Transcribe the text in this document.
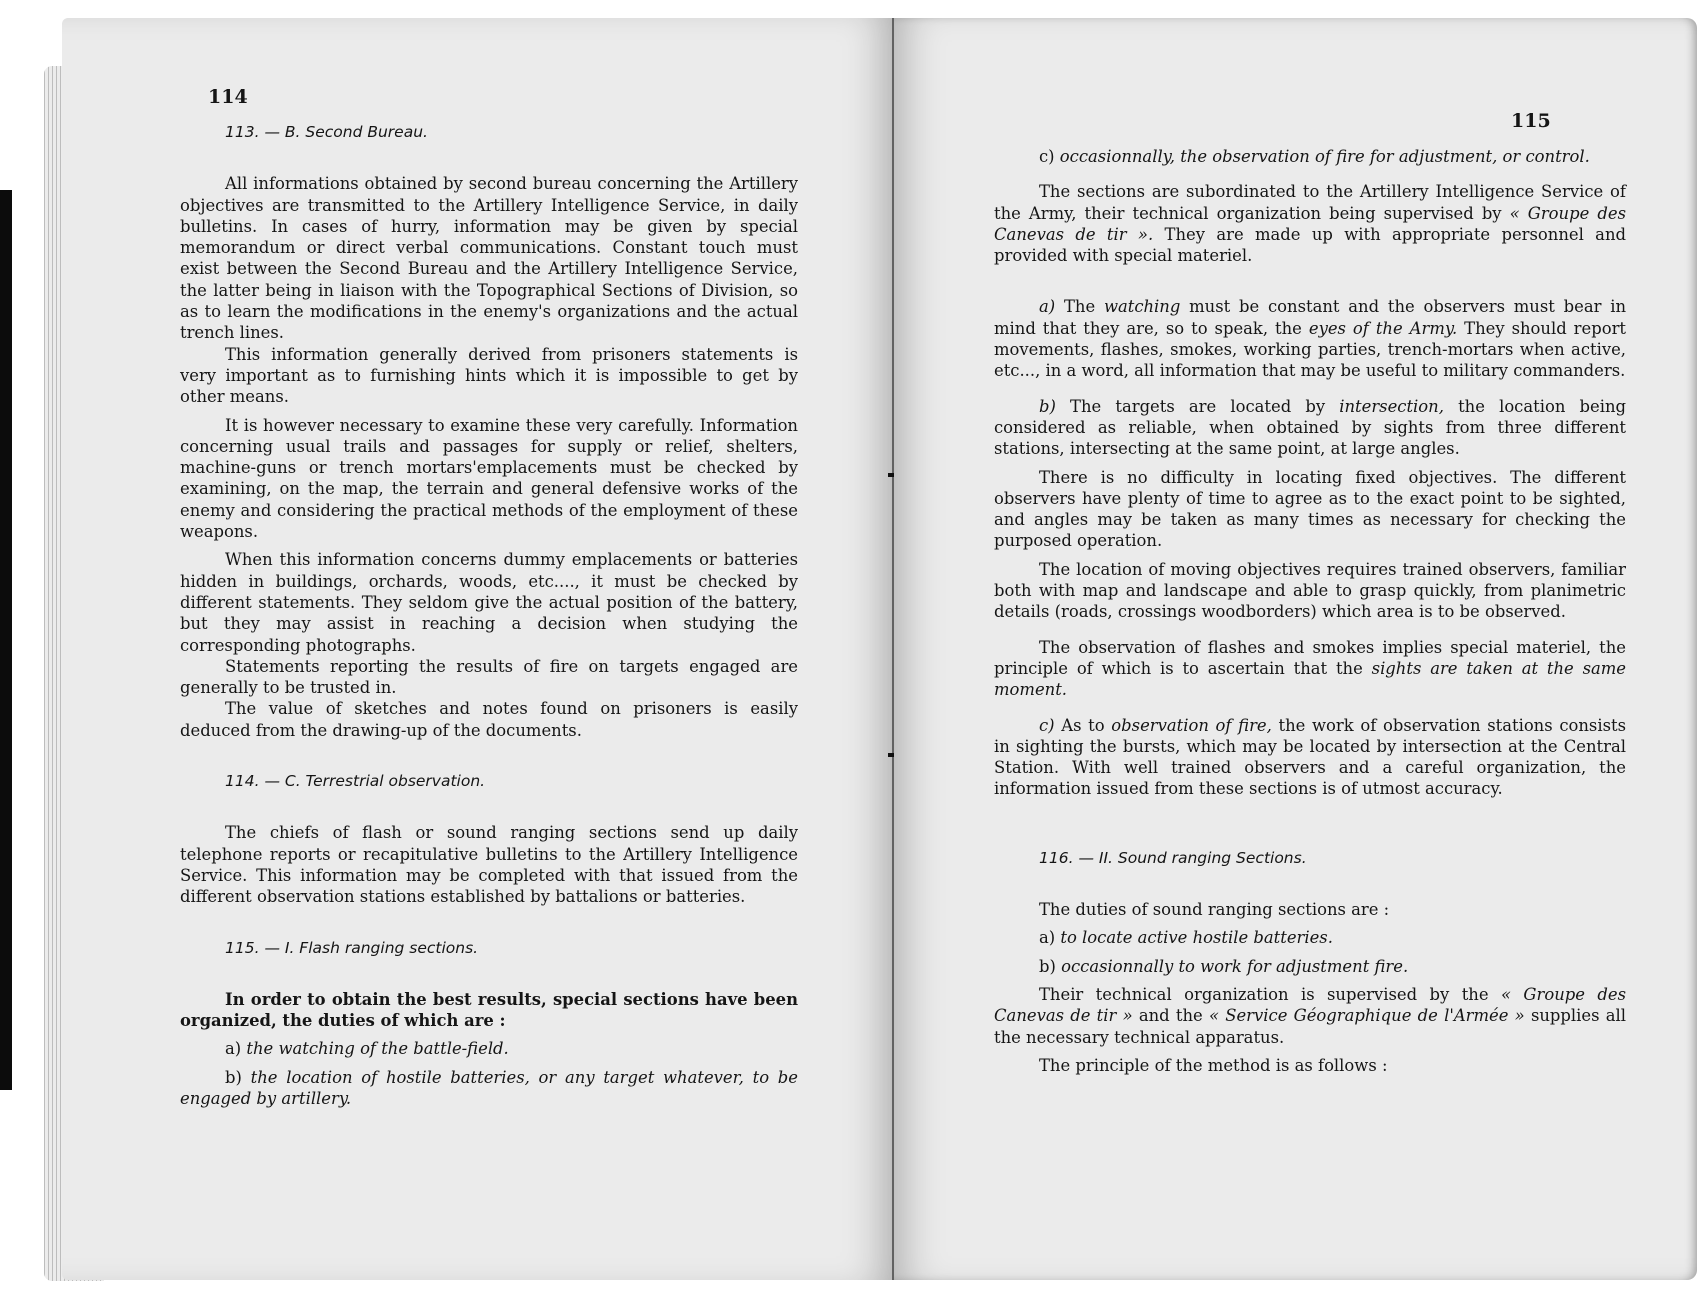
114

113. — B. Second Bureau.

All informations obtained by second bureau concerning the Artillery objectives are transmitted to the Artillery Intelligence Service, in daily bulletins. In cases of hurry, information may be given by special memorandum or direct verbal communications. Constant touch must exist between the Second Bureau and the Artillery Intelligence Service, the latter being in liaison with the Topographical Sections of Division, so as to learn the modifications in the enemy's organizations and the actual trench lines.

This information generally derived from prisoners statements is very important as to furnishing hints which it is impossible to get by other means.

It is however necessary to examine these very carefully. Information concerning usual trails and passages for supply or relief, shelters, machine-guns or trench mortars'emplacements must be checked by examining, on the map, the terrain and general defensive works of the enemy and considering the practical methods of the employment of these weapons.

When this information concerns dummy emplacements or batteries hidden in buildings, orchards, woods, etc...., it must be checked by different statements. They seldom give the actual position of the battery, but they may assist in reaching a decision when studying the corresponding photographs.

Statements reporting the results of fire on targets engaged are generally to be trusted in.

The value of sketches and notes found on prisoners is easily deduced from the drawing-up of the documents.

114. — C. Terrestrial observation.

The chiefs of flash or sound ranging sections send up daily telephone reports or recapitulative bulletins to the Artillery Intelligence Service. This information may be completed with that issued from the different observation stations established by battalions or batteries.

115. — I. Flash ranging sections.

In order to obtain the best results, special sections have been organized, the duties of which are :

a) the watching of the battle-field.

b) the location of hostile batteries, or any target whatever, to be engaged by artillery.

115

c) occasionnally, the observation of fire for adjustment, or control.

The sections are subordinated to the Artillery Intelligence Service of the Army, their technical organization being supervised by « Groupe des Canevas de tir ». They are made up with appropriate personnel and provided with special materiel.

a) The watching must be constant and the observers must bear in mind that they are, so to speak, the eyes of the Army. They should report movements, flashes, smokes, working parties, trench-mortars when active, etc..., in a word, all information that may be useful to military commanders.

b) The targets are located by intersection, the location being considered as reliable, when obtained by sights from three different stations, intersecting at the same point, at large angles.

There is no difficulty in locating fixed objectives. The different observers have plenty of time to agree as to the exact point to be sighted, and angles may be taken as many times as necessary for checking the purposed operation.

The location of moving objectives requires trained observers, familiar both with map and landscape and able to grasp quickly, from planimetric details (roads, crossings woodborders) which area is to be observed.

The observation of flashes and smokes implies special materiel, the principle of which is to ascertain that the sights are taken at the same moment.

c) As to observation of fire, the work of observation stations consists in sighting the bursts, which may be located by intersection at the Central Station. With well trained observers and a careful organization, the information issued from these sections is of utmost accuracy.

116. — II. Sound ranging Sections.

The duties of sound ranging sections are :

a) to locate active hostile batteries.

b) occasionnally to work for adjustment fire.

Their technical organization is supervised by the « Groupe des Canevas de tir » and the « Service Géographique de l'Armée » supplies all the necessary technical apparatus.

The principle of the method is as follows :
